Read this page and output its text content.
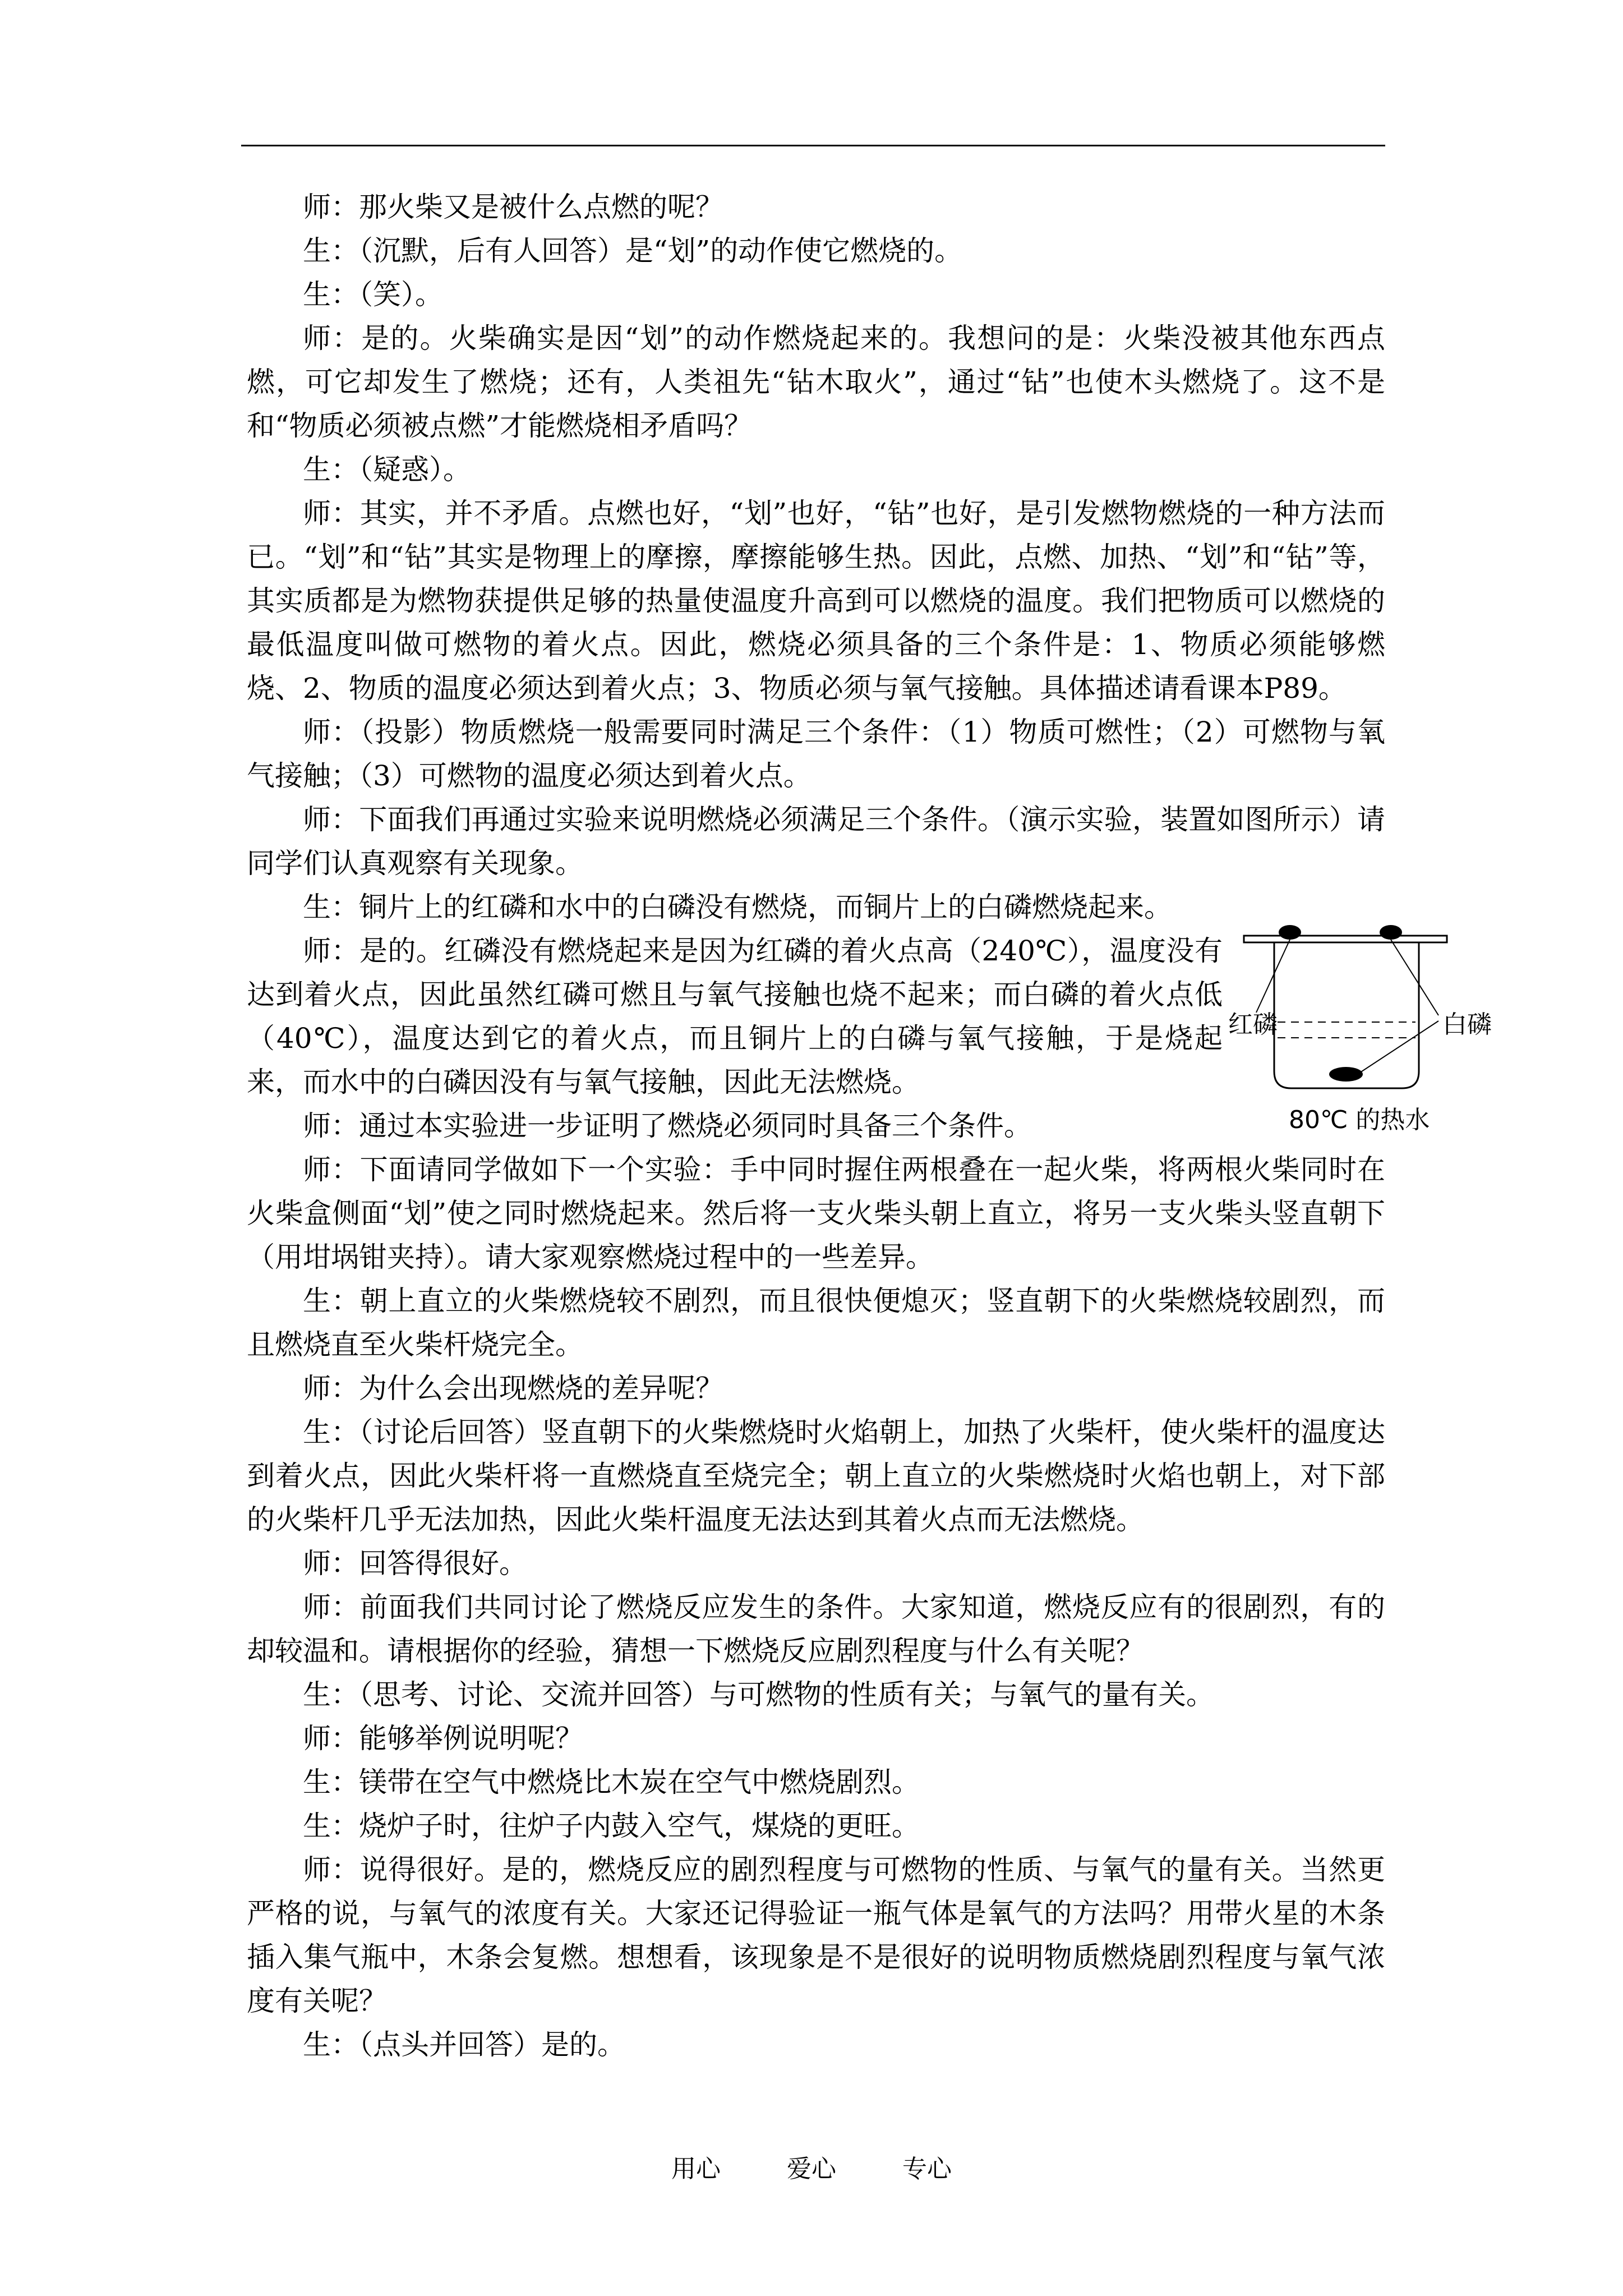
师：那火柴又是被什么点燃的呢？

生：（沉默，后有人回答）是“划”的动作使它燃烧的。

生：（笑）。

师：是的。火柴确实是因“划”的动作燃烧起来的。我想问的是：火柴没被其他东西点燃，可它却发生了燃烧；还有，人类祖先“钻木取火”，通过“钻”也使木头燃烧了。这不是和“物质必须被点燃”才能燃烧相矛盾吗？

生：（疑惑）。

师：其实，并不矛盾。点燃也好，“划”也好，“钻”也好，是引发燃物燃烧的一种方法而已。“划”和“钻”其实是物理上的摩擦，摩擦能够生热。因此，点燃、加热、“划”和“钻”等，其实质都是为燃物获提供足够的热量使温度升高到可以燃烧的温度。我们把物质可以燃烧的最低温度叫做可燃物的着火点。因此，燃烧必须具备的三个条件是：1、物质必须能够燃烧、2、物质的温度必须达到着火点；3、物质必须与氧气接触。具体描述请看课本P89。

师：（投影）物质燃烧一般需要同时满足三个条件：（1）物质可燃性；（2）可燃物与氧气接触；（3）可燃物的温度必须达到着火点。

师：下面我们再通过实验来说明燃烧必须满足三个条件。（演示实验，装置如图所示）请同学们认真观察有关现象。

生：铜片上的红磷和水中的白磷没有燃烧，而铜片上的白磷燃烧起来。

师：是的。红磷没有燃烧起来是因为红磷的着火点高（240℃），温度没有达到着火点，因此虽然红磷可燃且与氧气接触也烧不起来；而白磷的着火点低（40℃），温度达到它的着火点，而且铜片上的白磷与氧气接触，于是烧起来，而水中的白磷因没有与氧气接触，因此无法燃烧。

师：通过本实验进一步证明了燃烧必须同时具备三个条件。

师：下面请同学做如下一个实验：手中同时握住两根叠在一起火柴，将两根火柴同时在火柴盒侧面“划”使之同时燃烧起来。然后将一支火柴头朝上直立，将另一支火柴头竖直朝下（用坩埚钳夹持）。请大家观察燃烧过程中的一些差异。

生：朝上直立的火柴燃烧较不剧烈，而且很快便熄灭；竖直朝下的火柴燃烧较剧烈，而且燃烧直至火柴杆烧完全。

师：为什么会出现燃烧的差异呢？

生：（讨论后回答）竖直朝下的火柴燃烧时火焰朝上，加热了火柴杆，使火柴杆的温度达到着火点，因此火柴杆将一直燃烧直至烧完全；朝上直立的火柴燃烧时火焰也朝上，对下部的火柴杆几乎无法加热，因此火柴杆温度无法达到其着火点而无法燃烧。

师：回答得很好。

师：前面我们共同讨论了燃烧反应发生的条件。大家知道，燃烧反应有的很剧烈，有的却较温和。请根据你的经验，猜想一下燃烧反应剧烈程度与什么有关呢？

生：（思考、讨论、交流并回答）与可燃物的性质有关；与氧气的量有关。

师：能够举例说明呢？

生：镁带在空气中燃烧比木炭在空气中燃烧剧烈。

生：烧炉子时，往炉子内鼓入空气，煤烧的更旺。

师：说得很好。是的，燃烧反应的剧烈程度与可燃物的性质、与氧气的量有关。当然更严格的说，与氧气的浓度有关。大家还记得验证一瓶气体是氧气的方法吗？用带火星的木条插入集气瓶中，木条会复燃。想想看，该现象是不是很好的说明物质燃烧剧烈程度与氧气浓度有关呢？

生：（点头并回答）是的。

红磷	白磷
80℃ 的热水
用心	爱心	专心
